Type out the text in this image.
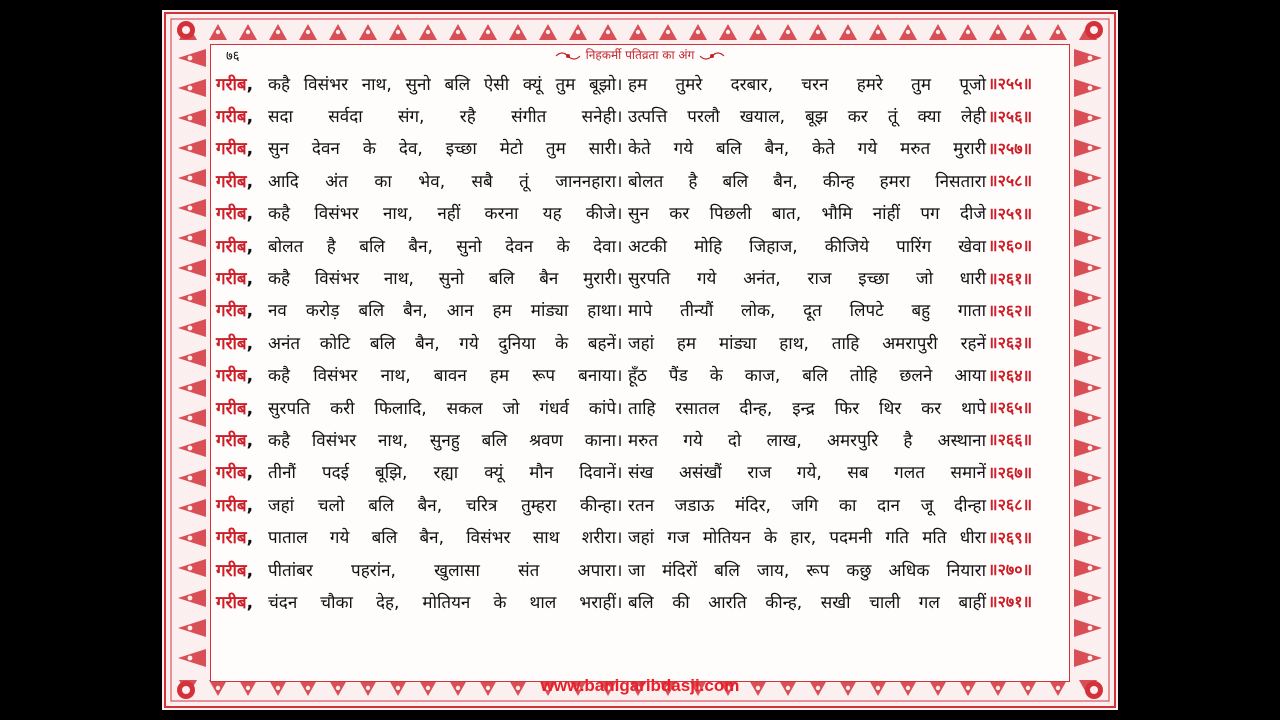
७६	निहकर्मी पतिव्रता का अंग
गरीब, कहै विसंभर नाथ, सुनो बलि ऐसी क्यूं तुम बूझो । हम तुमरे दरबार, चरन हमरे तुम पूजो ॥२५५॥
गरीब, सदा सर्वदा संग, रहै संगीत सनेही । उत्पत्ति परलौ खयाल, बूझ कर तूं क्या लेही ॥२५६॥
गरीब, सुन देवन के देव, इच्छा मेटो तुम सारी । केते गये बलि बैन, केते गये मरुत मुरारी ॥२५७॥
गरीब, आदि अंत का भेव, सबै तूं जाननहारा । बोलत है बलि बैन, कीन्ह हमरा निसतारा ॥२५८॥
गरीब, कहै विसंभर नाथ, नहीं करना यह कीजे । सुन कर पिछली बात, भौमि नांहीं पग दीजे ॥२५९॥
गरीब, बोलत है बलि बैन, सुनो देवन के देवा । अटकी मोहि जिहाज, कीजिये पारिंग खेवा ॥२६०॥
गरीब, कहै विसंभर नाथ, सुनो बलि बैन मुरारी । सुरपति गये अनंत, राज इच्छा जो धारी ॥२६१॥
गरीब, नव करोड़ बलि बैन, आन हम मांड्या हाथा । मापे तीन्यौं लोक, दूत लिपटे बहु गाता ॥२६२॥
गरीब, अनंत कोटि बलि बैन, गये दुनिया के बहनें । जहां हम मांड्या हाथ, ताहि अमरापुरी रहनें ॥२६३॥
गरीब, कहै विसंभर नाथ, बावन हम रूप बनाया । हूँठ पैंड के काज, बलि तोहि छलने आया ॥२६४॥
गरीब, सुरपति करी फिलादि, सकल जो गंधर्व कांपे । ताहि रसातल दीन्ह, इन्द्र फिर थिर कर थापे ॥२६५॥
गरीब, कहै विसंभर नाथ, सुनहु बलि श्रवण काना । मरुत गये दो लाख, अमरपुरि है अस्थाना ॥२६६॥
गरीब, तीनौं पदई बूझि, रह्या क्यूं मौन दिवानें । संख असंखौं राज गये, सब गलत समानें ॥२६७॥
गरीब, जहां चलो बलि बैन, चरित्र तुम्हरा कीन्हा । रतन जडाऊ मंदिर, जगि का दान जू दीन्हा ॥२६८॥
गरीब, पाताल गये बलि बैन, विसंभर साथ शरीरा । जहां गज मोतियन के हार, पदमनी गति मति धीरा ॥२६९॥
गरीब, पीतांबर पहरांन, खुलासा संत अपारा । जा मंदिरों बलि जाय, रूप कछु अधिक नियारा ॥२७०॥
गरीब, चंदन चौका देह, मोतियन के थाल भराहीं । बलि की आरति कीन्ह, सखी चाली गल बाहीं ॥२७१॥
www.banigaribdasji.com
